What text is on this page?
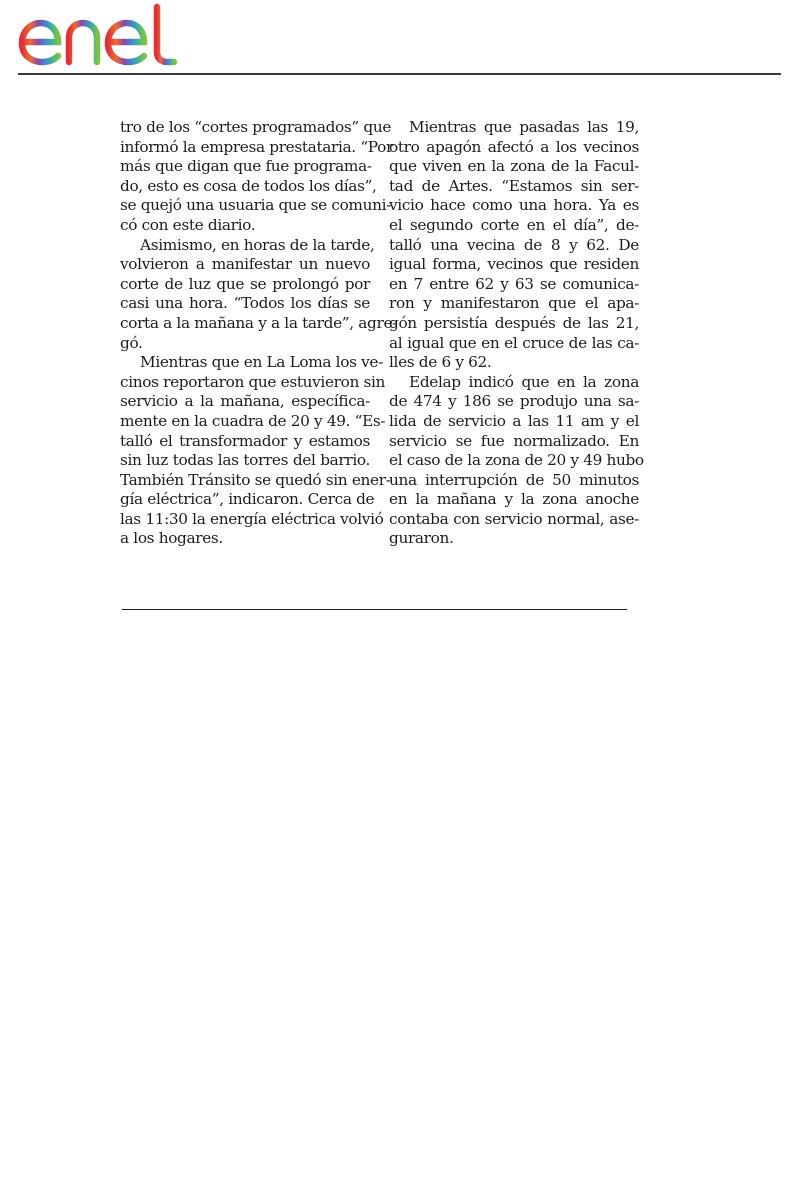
tro de los “cortes programados” que
informó la empresa prestataria. “Por
más que digan que fue programa-
do, esto es cosa de todos los días”,
se quejó una usuaria que se comuni-
có con este diario.
Asimismo, en horas de la tarde,
volvieron a manifestar un nuevo
corte de luz que se prolongó por
casi una hora. “Todos los días se
corta a la mañana y a la tarde”, agre-
gó.
Mientras que en La Loma los ve-
cinos reportaron que estuvieron sin
servicio a la mañana, específica-
mente en la cuadra de 20 y 49. “Es-
talló el transformador y estamos
sin luz todas las torres del barrio.
También Tránsito se quedó sin ener-
gía eléctrica”, indicaron. Cerca de
las 11:30 la energía eléctrica volvió
a los hogares.
Mientras que pasadas las 19,
otro apagón afectó a los vecinos
que viven en la zona de la Facul-
tad de Artes. “Estamos sin ser-
vicio hace como una hora. Ya es
el segundo corte en el día”, de-
talló una vecina de 8 y 62. De
igual forma, vecinos que residen
en 7 entre 62 y 63 se comunica-
ron y manifestaron que el apa-
gón persistía después de las 21,
al igual que en el cruce de las ca-
lles de 6 y 62.
Edelap indicó que en la zona
de 474 y 186 se produjo una sa-
lida de servicio a las 11 am y el
servicio se fue normalizado. En
el caso de la zona de 20 y 49 hubo
una interrupción de 50 minutos
en la mañana y la zona anoche
contaba con servicio normal, ase-
guraron.
